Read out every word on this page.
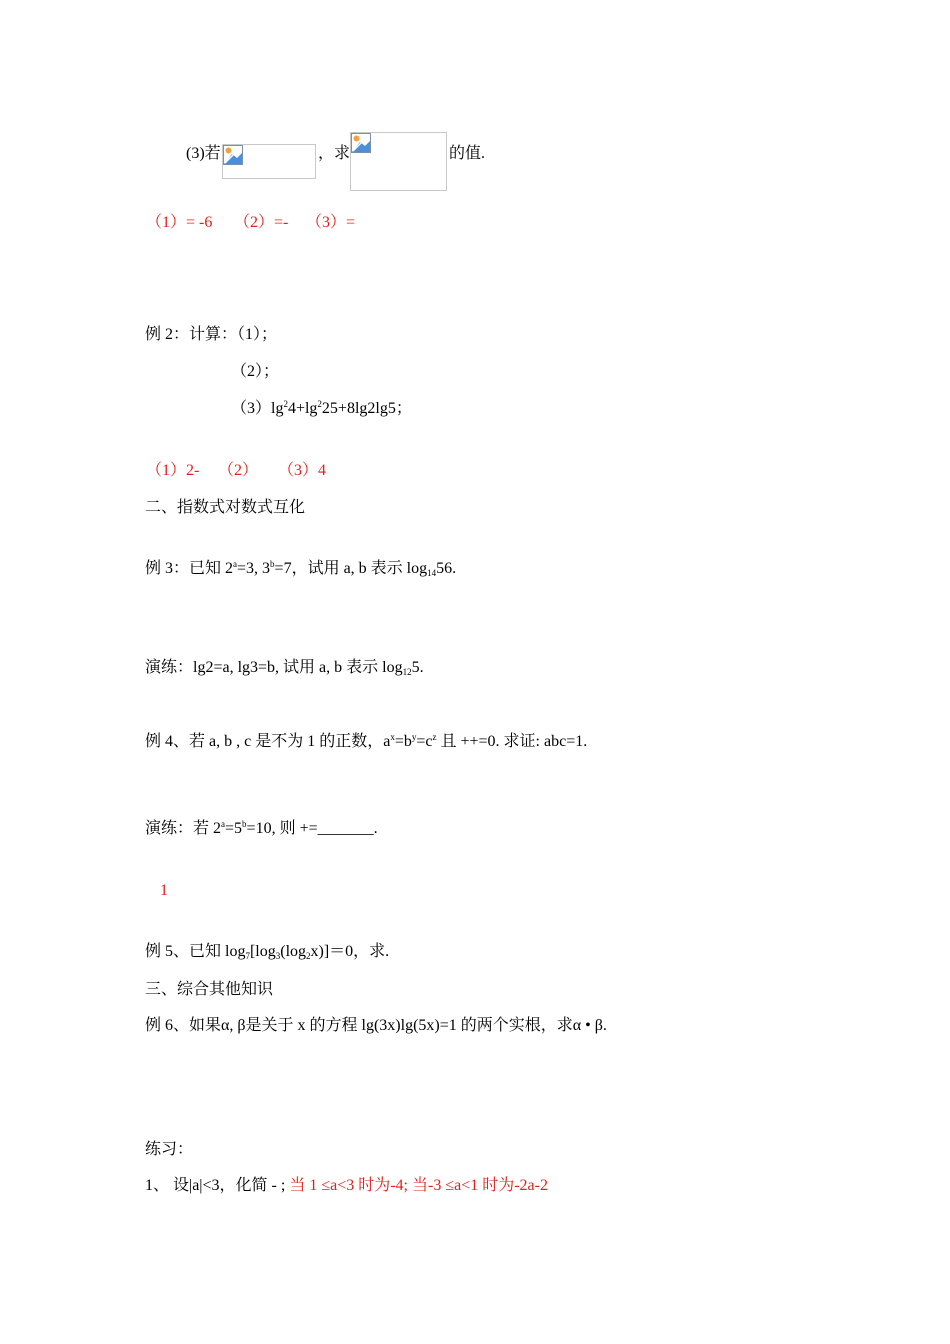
(3)若	，求	的值.
（1）= -6 （2）=- （3）=
例 2：计算：（1）；
（2）；
$(3)\lg^24+\lg^225+8\lg 2\lg 5$；
（1）2- （2） （3）4
二、指数式对数式互化
例 3：已知 $2^a=3$, $3^b=7$，试用 a, b 表示 $\log_{14}56$.
演练：lg2=a, lg3=b, 试用 a, b 表示 $\log_{12}5$.
例 4、若 a, b , c 是不为 1 的正数，$a^x=b^y=c^z$ 且 ++=0. 求证: abc=1.
演练：若 $2^a=5^b=10$, 则 +=_______.
1
例 5、已知 $\log_7[\log_3(\log_2x)]=0$，求.
三、综合其他知识
例 6、如果α, β是关于 x 的方程 lg(3x)lg(5x)=1 的两个实根，求α • β.
练习：
1、 设|a|<3，化简 - ; 当 1 ≤a<3 时为-4; 当-3 ≤a<1 时为-2a-2
